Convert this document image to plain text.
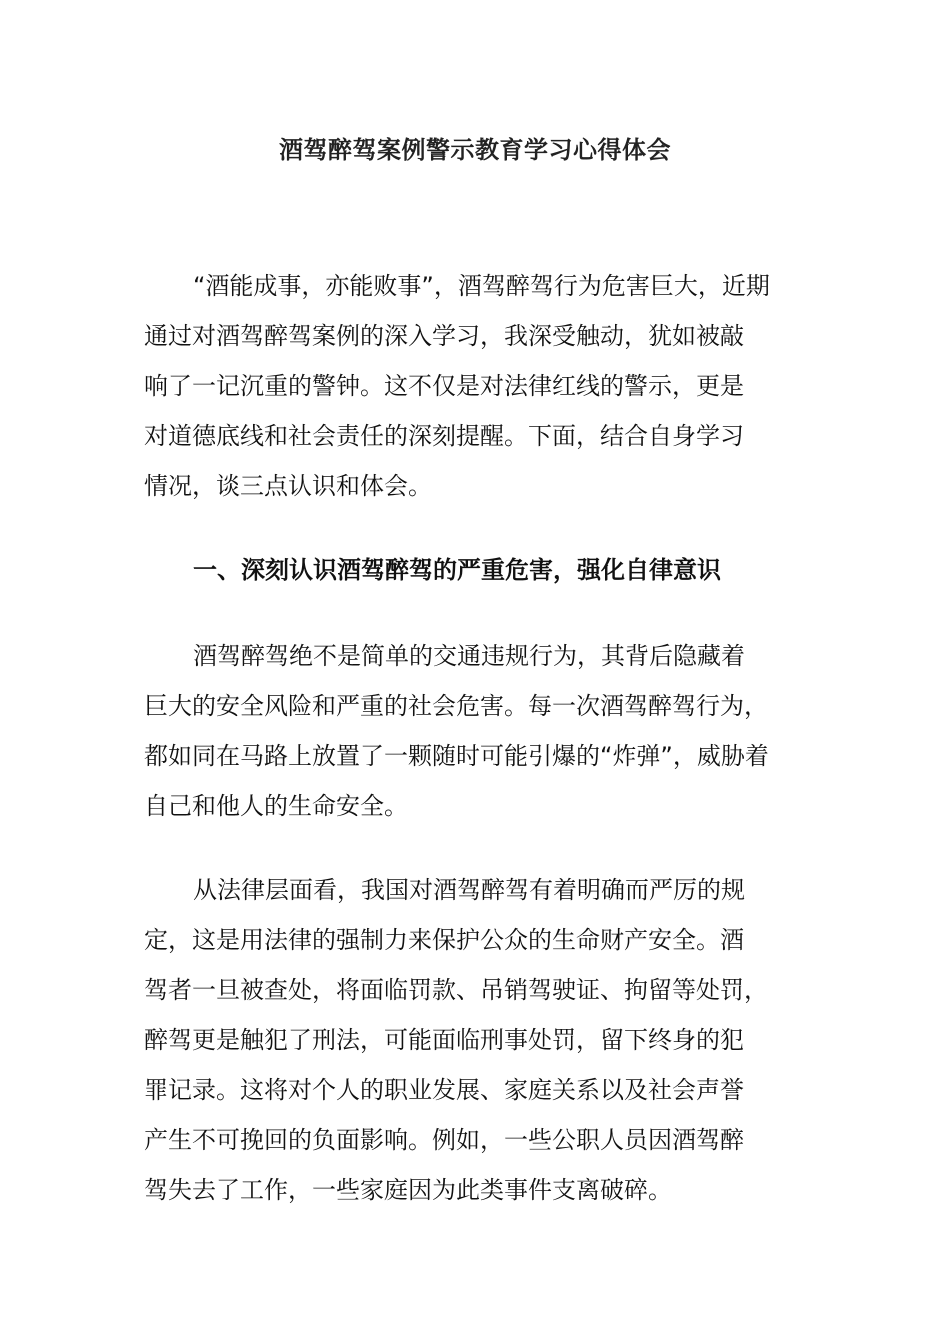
酒驾醉驾案例警示教育学习心得体会
“酒能成事，亦能败事”，酒驾醉驾行为危害巨大，近期
通过对酒驾醉驾案例的深入学习，我深受触动，犹如被敲
响了一记沉重的警钟。这不仅是对法律红线的警示，更是
对道德底线和社会责任的深刻提醒。下面，结合自身学习
情况，谈三点认识和体会。
一、深刻认识酒驾醉驾的严重危害，强化自律意识
酒驾醉驾绝不是简单的交通违规行为，其背后隐藏着
巨大的安全风险和严重的社会危害。每一次酒驾醉驾行为，
都如同在马路上放置了一颗随时可能引爆的“炸弹”，威胁着
自己和他人的生命安全。
从法律层面看，我国对酒驾醉驾有着明确而严厉的规
定，这是用法律的强制力来保护公众的生命财产安全。酒
驾者一旦被查处，将面临罚款、吊销驾驶证、拘留等处罚，
醉驾更是触犯了刑法，可能面临刑事处罚，留下终身的犯
罪记录。这将对个人的职业发展、家庭关系以及社会声誉
产生不可挽回的负面影响。例如，一些公职人员因酒驾醉
驾失去了工作，一些家庭因为此类事件支离破碎。
